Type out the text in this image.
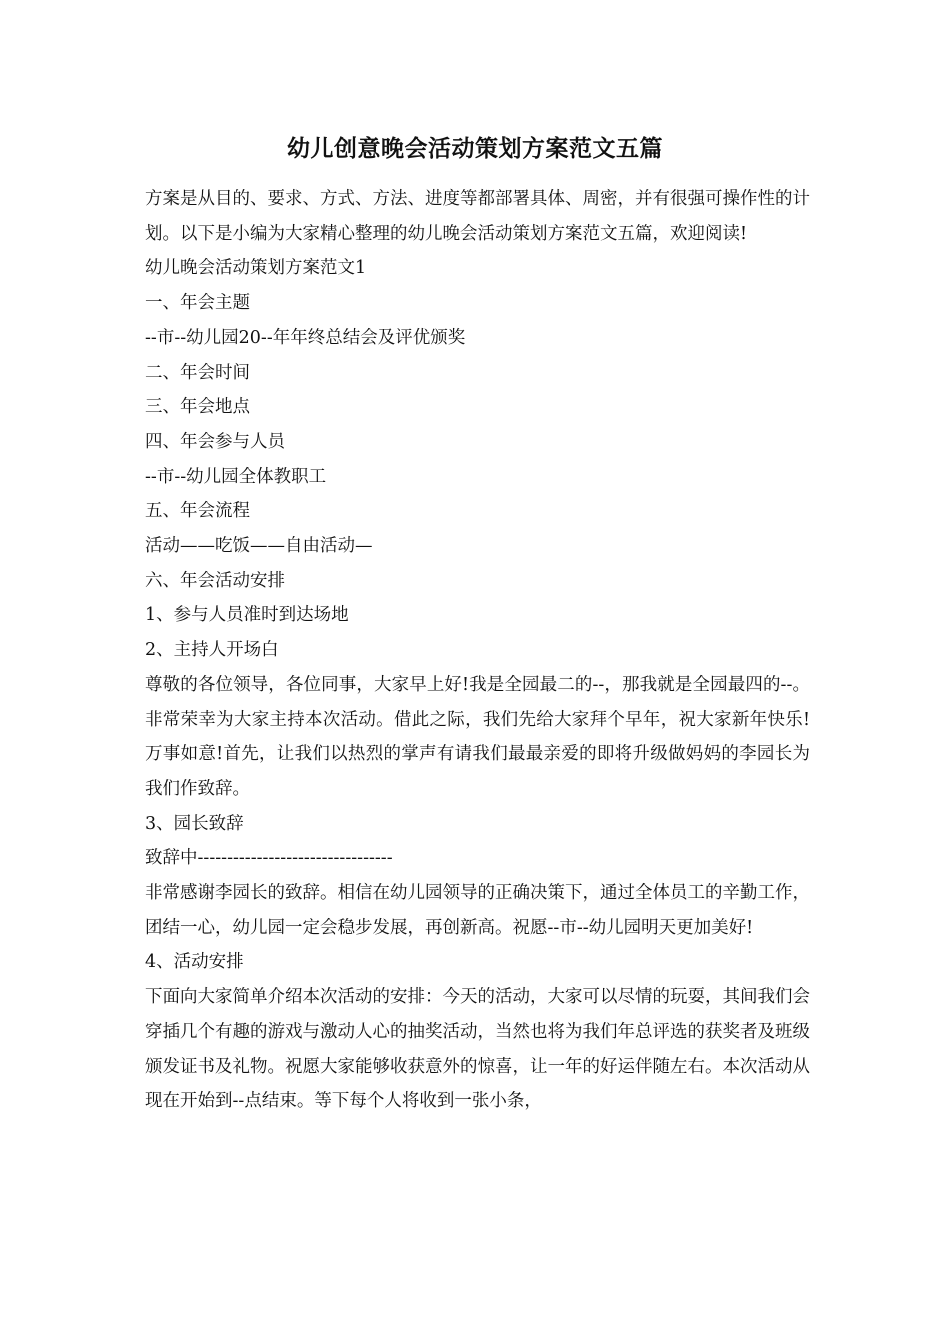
幼儿创意晚会活动策划方案范文五篇

方案是从目的、要求、方式、方法、进度等都部署具体、周密，并有很强可操作性的计划。以下是小编为大家精心整理的幼儿晚会活动策划方案范文五篇，欢迎阅读!

幼儿晚会活动策划方案范文1

一、年会主题

--市--幼儿园20--年年终总结会及评优颁奖

二、年会时间

三、年会地点

四、年会参与人员

--市--幼儿园全体教职工

五、年会流程

活动——吃饭——自由活动—

六、年会活动安排

1、参与人员准时到达场地

2、主持人开场白

尊敬的各位领导，各位同事，大家早上好!我是全园最二的--，那我就是全园最四的--。非常荣幸为大家主持本次活动。借此之际，我们先给大家拜个早年，祝大家新年快乐!万事如意!首先，让我们以热烈的掌声有请我们最最亲爱的即将升级做妈妈的李园长为我们作致辞。

3、园长致辞

致辞中---------------------------------

非常感谢李园长的致辞。相信在幼儿园领导的正确决策下，通过全体员工的辛勤工作，团结一心，幼儿园一定会稳步发展，再创新高。祝愿--市--幼儿园明天更加美好!

4、活动安排

下面向大家简单介绍本次活动的安排：今天的活动，大家可以尽情的玩耍，其间我们会穿插几个有趣的游戏与激动人心的抽奖活动，当然也将为我们年总评选的获奖者及班级颁发证书及礼物。祝愿大家能够收获意外的惊喜，让一年的好运伴随左右。本次活动从现在开始到--点结束。等下每个人将收到一张小条，
